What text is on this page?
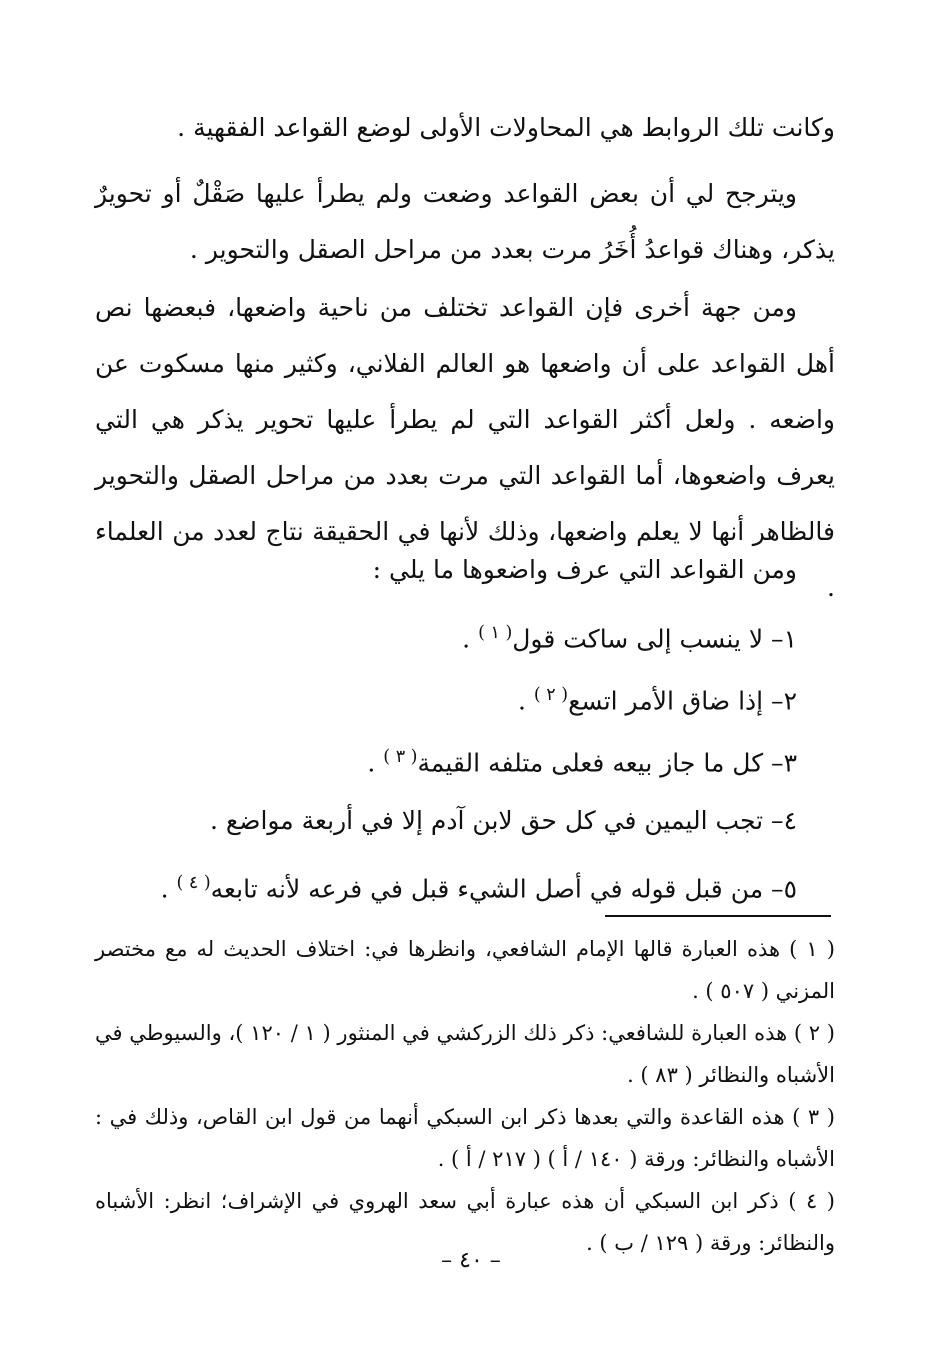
وكانت تلك الروابط هي المحاولات الأولى لوضع القواعد الفقهية .
ويترجح لي أن بعض القواعد وضعت ولم يطرأ عليها صَقْلٌ أو تحويرٌ يذكر، وهناك قواعدُ أُخَرُ مرت بعدد من مراحل الصقل والتحوير .
ومن جهة أخرى فإن القواعد تختلف من ناحية واضعها، فبعضها نص أهل القواعد على أن واضعها هو العالم الفلاني، وكثير منها مسكوت عن واضعه . ولعل أكثر القواعد التي لم يطرأ عليها تحوير يذكر هي التي يعرف واضعوها، أما القواعد التي مرت بعدد من مراحل الصقل والتحوير فالظاهر أنها لا يعلم واضعها، وذلك لأنها في الحقيقة نتاج لعدد من العلماء .
ومن القواعد التي عرف واضعوها ما يلي :
١– لا ينسب إلى ساكت قول$^{( ١ )}$ .
٢– إذا ضاق الأمر اتسع$^{( ٢ )}$ .
٣– كل ما جاز بيعه فعلى متلفه القيمة$^{( ٣ )}$ .
٤– تجب اليمين في كل حق لابن آدم إلا في أربعة مواضع .
٥– من قبل قوله في أصل الشيء قبل في فرعه لأنه تابعه$^{( ٤ )}$ .
( ١ ) هذه العبارة قالها الإمام الشافعي، وانظرها في: اختلاف الحديث له مع مختصر المزني ( ٥٠٧ ) .
( ٢ ) هذه العبارة للشافعي: ذكر ذلك الزركشي في المنثور ( ١ / ١٢٠ )، والسيوطي في الأشباه والنظائر ( ٨٣ ) .
( ٣ ) هذه القاعدة والتي بعدها ذكر ابن السبكي أنهما من قول ابن القاص، وذلك في : الأشباه والنظائر: ورقة ( ١٤٠ / أ ) ( ٢١٧ / أ ) .
( ٤ ) ذكر ابن السبكي أن هذه عبارة أبي سعد الهروي في الإشراف؛ انظر: الأشباه والنظائر: ورقة ( ١٢٩ / ب ) .
– ٤٠ –
